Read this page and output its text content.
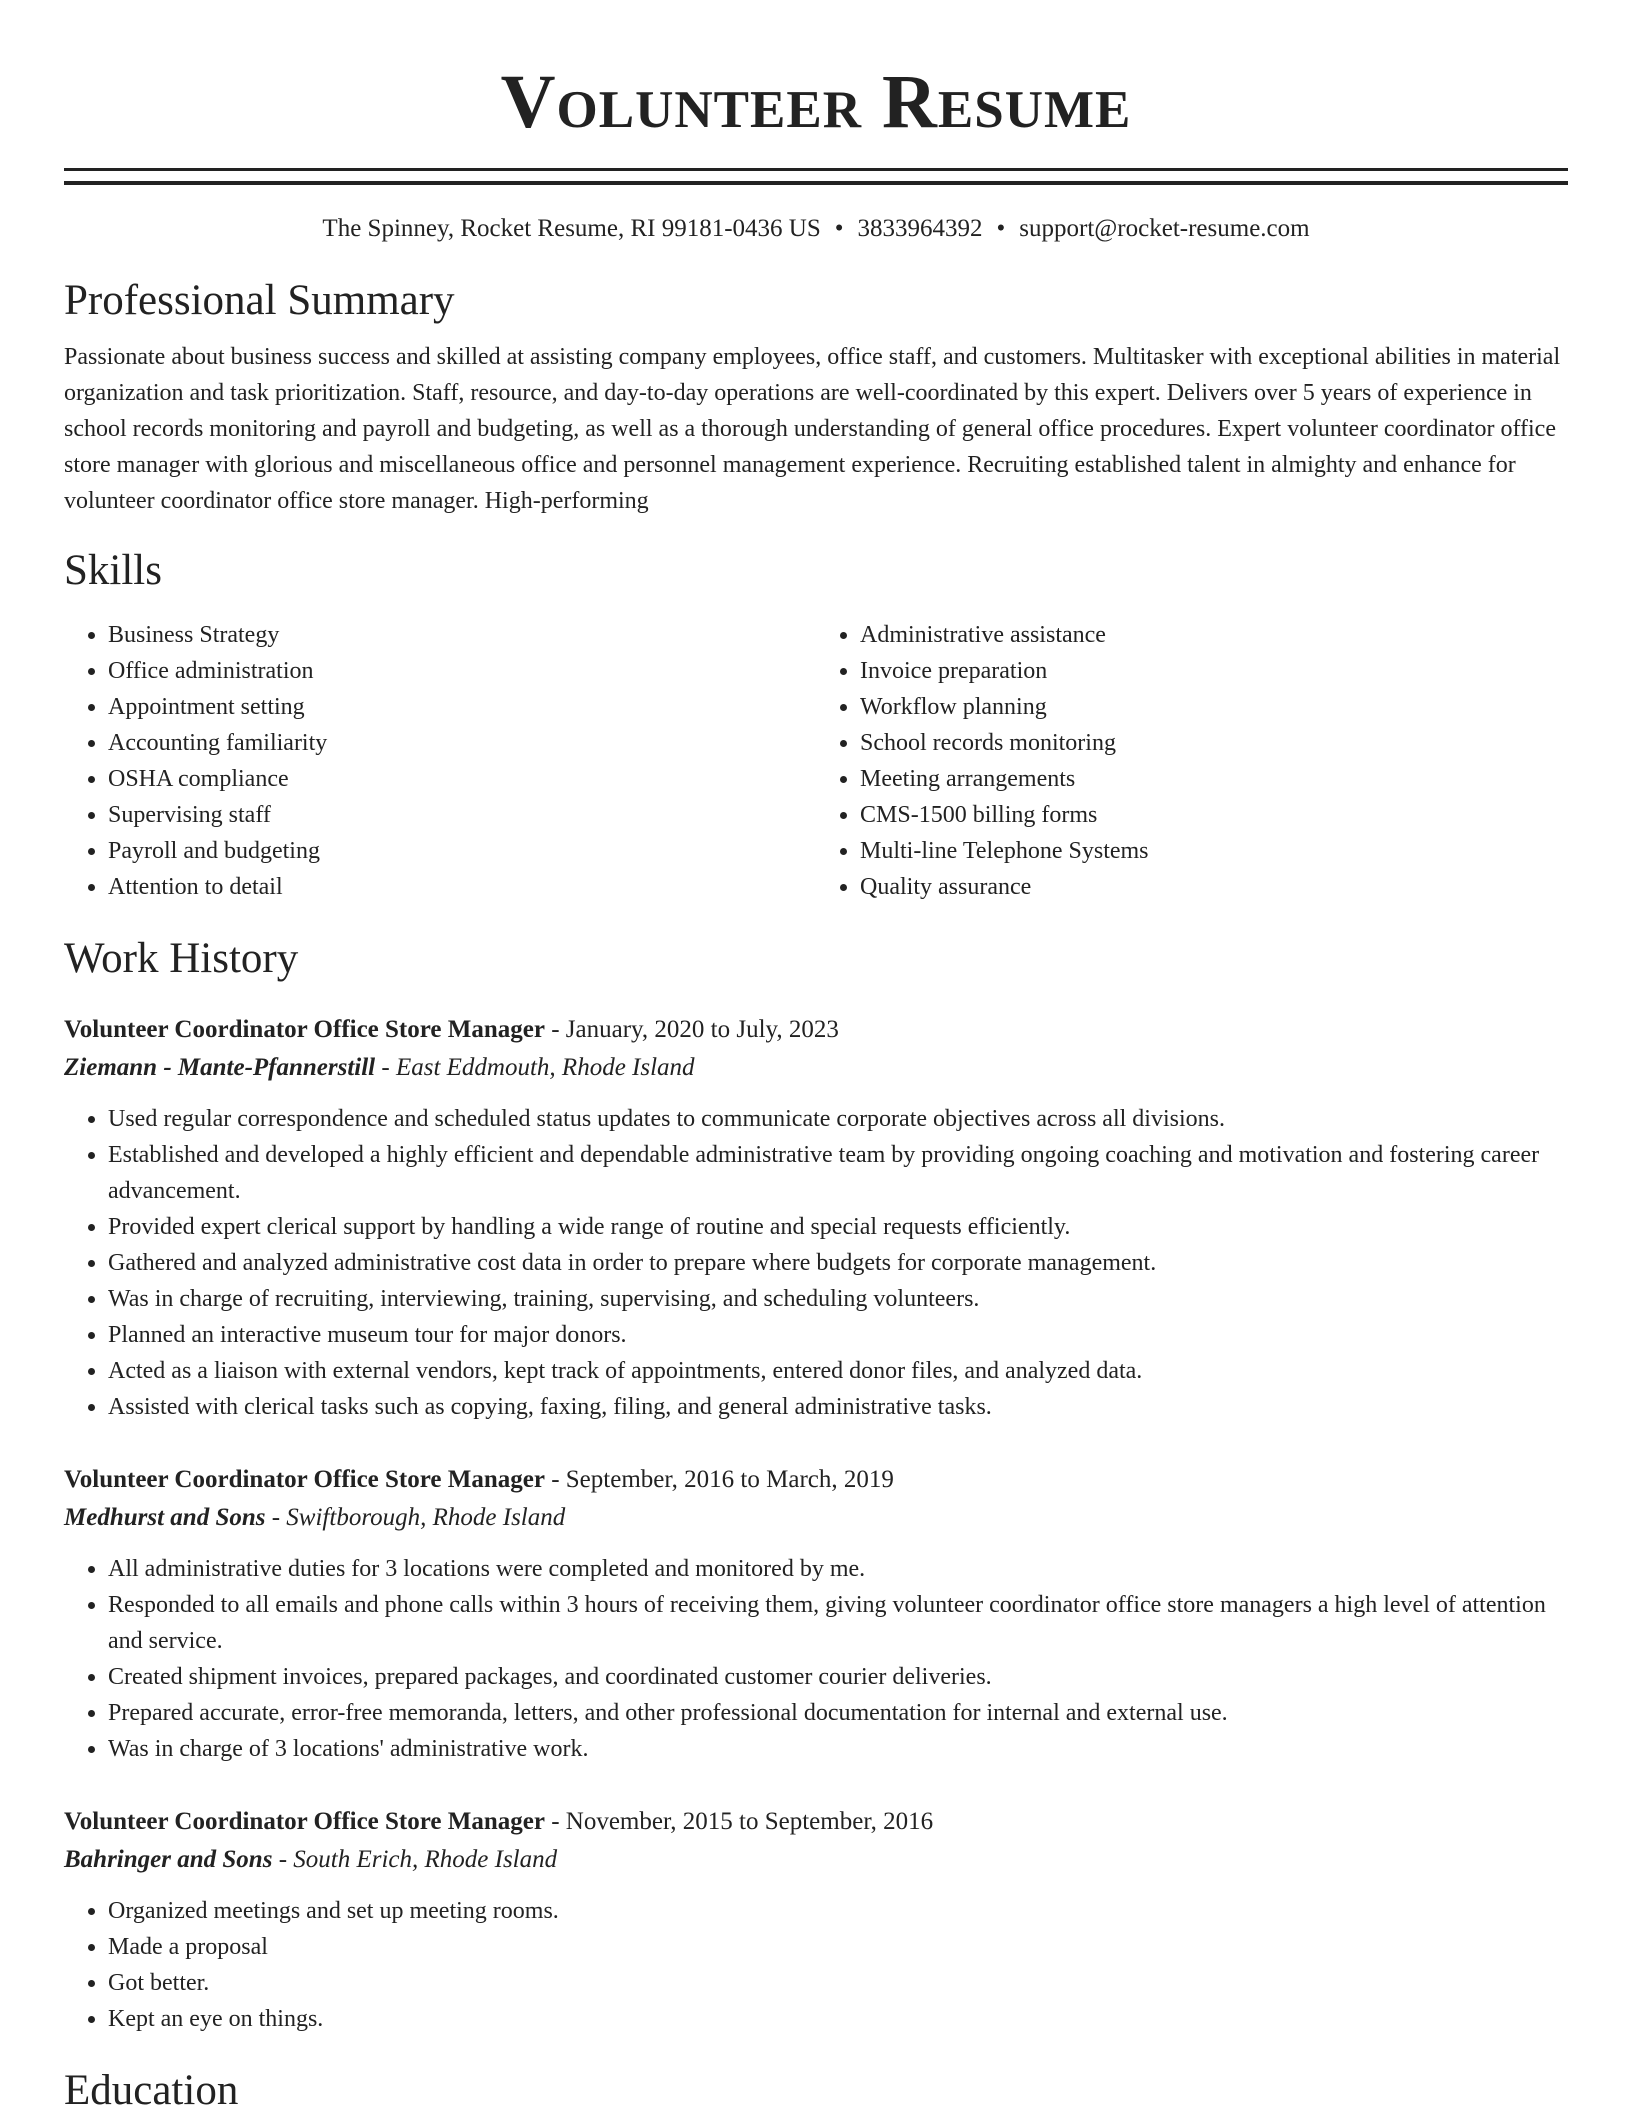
Volunteer Resume
The Spinney, Rocket Resume, RI 99181-0436 US • 3833964392 • support@rocket-resume.com
Professional Summary
Passionate about business success and skilled at assisting company employees, office staff, and customers. Multitasker with exceptional abilities in material organization and task prioritization. Staff, resource, and day-to-day operations are well-coordinated by this expert. Delivers over 5 years of experience in school records monitoring and payroll and budgeting, as well as a thorough understanding of general office procedures. Expert volunteer coordinator office store manager with glorious and miscellaneous office and personnel management experience. Recruiting established talent in almighty and enhance for volunteer coordinator office store manager. High-performing
Skills
• Business Strategy
• Office administration
• Appointment setting
• Accounting familiarity
• OSHA compliance
• Supervising staff
• Payroll and budgeting
• Attention to detail
• Administrative assistance
• Invoice preparation
• Workflow planning
• School records monitoring
• Meeting arrangements
• CMS-1500 billing forms
• Multi-line Telephone Systems
• Quality assurance
Work History
Volunteer Coordinator Office Store Manager - January, 2020 to July, 2023
Ziemann - Mante-Pfannerstill - East Eddmouth, Rhode Island
• Used regular correspondence and scheduled status updates to communicate corporate objectives across all divisions.
• Established and developed a highly efficient and dependable administrative team by providing ongoing coaching and motivation and fostering career advancement.
• Provided expert clerical support by handling a wide range of routine and special requests efficiently.
• Gathered and analyzed administrative cost data in order to prepare where budgets for corporate management.
• Was in charge of recruiting, interviewing, training, supervising, and scheduling volunteers.
• Planned an interactive museum tour for major donors.
• Acted as a liaison with external vendors, kept track of appointments, entered donor files, and analyzed data.
• Assisted with clerical tasks such as copying, faxing, filing, and general administrative tasks.
Volunteer Coordinator Office Store Manager - September, 2016 to March, 2019
Medhurst and Sons - Swiftborough, Rhode Island
• All administrative duties for 3 locations were completed and monitored by me.
• Responded to all emails and phone calls within 3 hours of receiving them, giving volunteer coordinator office store managers a high level of attention and service.
• Created shipment invoices, prepared packages, and coordinated customer courier deliveries.
• Prepared accurate, error-free memoranda, letters, and other professional documentation for internal and external use.
• Was in charge of 3 locations' administrative work.
Volunteer Coordinator Office Store Manager - November, 2015 to September, 2016
Bahringer and Sons - South Erich, Rhode Island
• Organized meetings and set up meeting rooms.
• Made a proposal
• Got better.
• Kept an eye on things.
Education
